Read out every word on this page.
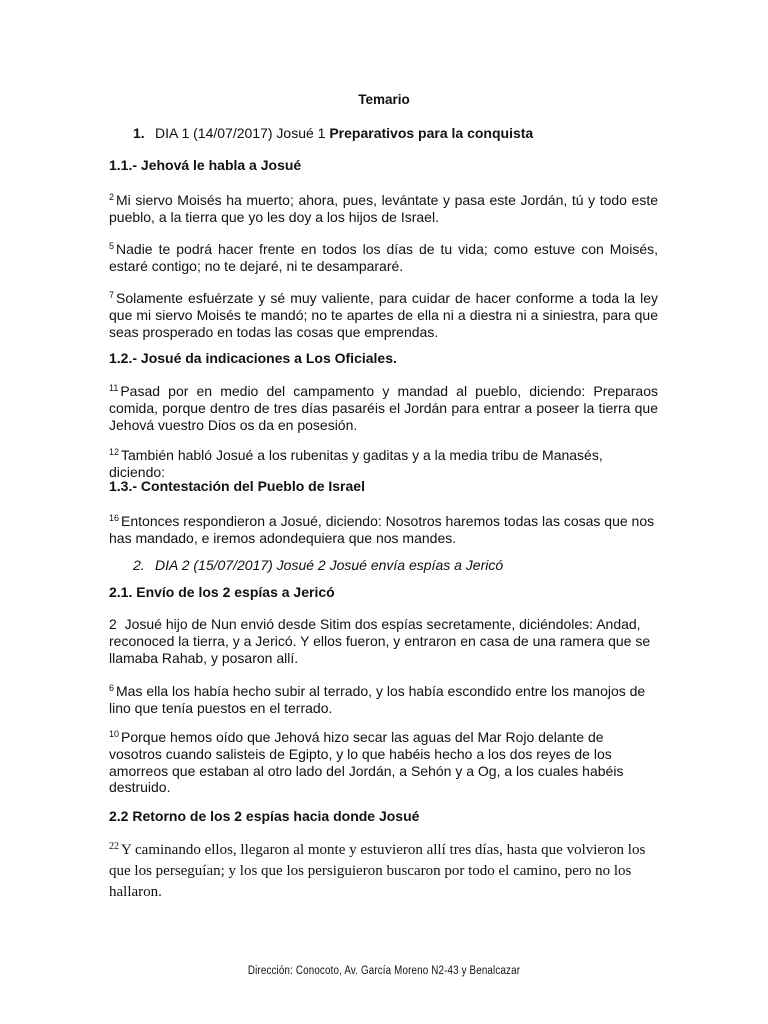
Temario
1. DIA 1 (14/07/2017) Josué 1 Preparativos para la conquista
1.1.- Jehová le habla a Josué
$^2$ Mi siervo Moisés ha muerto; ahora, pues, levántate y pasa este Jordán, tú y todo este pueblo, a la tierra que yo les doy a los hijos de Israel.
$^5$ Nadie te podrá hacer frente en todos los días de tu vida; como estuve con Moisés, estaré contigo; no te dejaré, ni te desampararé.
$^7$ Solamente esfuérzate y sé muy valiente, para cuidar de hacer conforme a toda la ley que mi siervo Moisés te mandó; no te apartes de ella ni a diestra ni a siniestra, para que seas prosperado en todas las cosas que emprendas.
1.2.- Josué da indicaciones a Los Oficiales.
$^{11}$ Pasad por en medio del campamento y mandad al pueblo, diciendo: Preparaos comida, porque dentro de tres días pasaréis el Jordán para entrar a poseer la tierra que Jehová vuestro Dios os da en posesión.
$^{12}$ También habló Josué a los rubenitas y gaditas y a la media tribu de Manasés, diciendo:
1.3.- Contestación del Pueblo de Israel
$^{16}$ Entonces respondieron a Josué, diciendo: Nosotros haremos todas las cosas que nos has mandado, e iremos adondequiera que nos mandes.
2. DIA 2 (15/07/2017) Josué 2 Josué envía espías a Jericó
2.1. Envío de los 2 espías a Jericó
2 Josué hijo de Nun envió desde Sitim dos espías secretamente, diciéndoles: Andad, reconoced la tierra, y a Jericó. Y ellos fueron, y entraron en casa de una ramera que se llamaba Rahab, y posaron allí.
$^6$ Mas ella los había hecho subir al terrado, y los había escondido entre los manojos de lino que tenía puestos en el terrado.
$^{10}$ Porque hemos oído que Jehová hizo secar las aguas del Mar Rojo delante de vosotros cuando salisteis de Egipto, y lo que habéis hecho a los dos reyes de los amorreos que estaban al otro lado del Jordán, a Sehón y a Og, a los cuales habéis destruido.
2.2 Retorno de los 2 espías hacia donde Josué
$^{22}$ Y caminando ellos, llegaron al monte y estuvieron allí tres días, hasta que volvieron los que los perseguían; y los que los persiguieron buscaron por todo el camino, pero no los hallaron.
Dirección: Conocoto, Av. García Moreno N2-43 y Benalcazar
